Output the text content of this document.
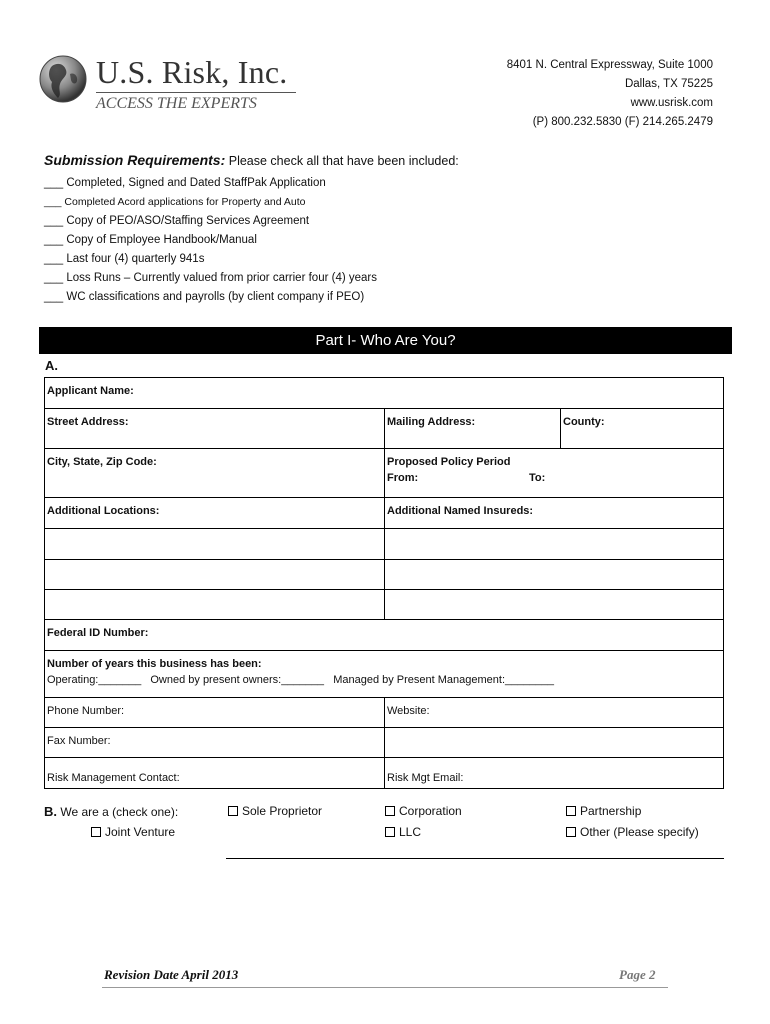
U.S. Risk, Inc.
ACCESS THE EXPERTS
8401 N. Central Expressway, Suite 1000
Dallas, TX 75225
www.usrisk.com
(P) 800.232.5830 (F) 214.265.2479
Submission Requirements: Please check all that have been included:
___ Completed, Signed and Dated StaffPak Application
___ Completed Acord applications for Property and Auto
___ Copy of PEO/ASO/Staffing Services Agreement
___ Copy of Employee Handbook/Manual
___ Last four (4) quarterly 941s
___ Loss Runs – Currently valued from prior carrier four (4) years
___ WC classifications and payrolls (by client company if PEO)
Part I- Who Are You?
A.
Applicant Name:
Street Address:	Mailing Address:	County:
City, State, Zip Code:	Proposed Policy Period
From:	To:
Additional Locations:	Additional Named Insureds:
Federal ID Number:
Number of years this business has been:
Operating:_______   Owned by present owners:_______   Managed by Present Management:________
Phone Number:	Website:
Fax Number:
Risk Management Contact:	Risk Mgt Email:
B. We are a (check one):	Sole Proprietor	Corporation	Partnership
Joint Venture	LLC	Other (Please specify)
Revision Date April 2013	Page 2
